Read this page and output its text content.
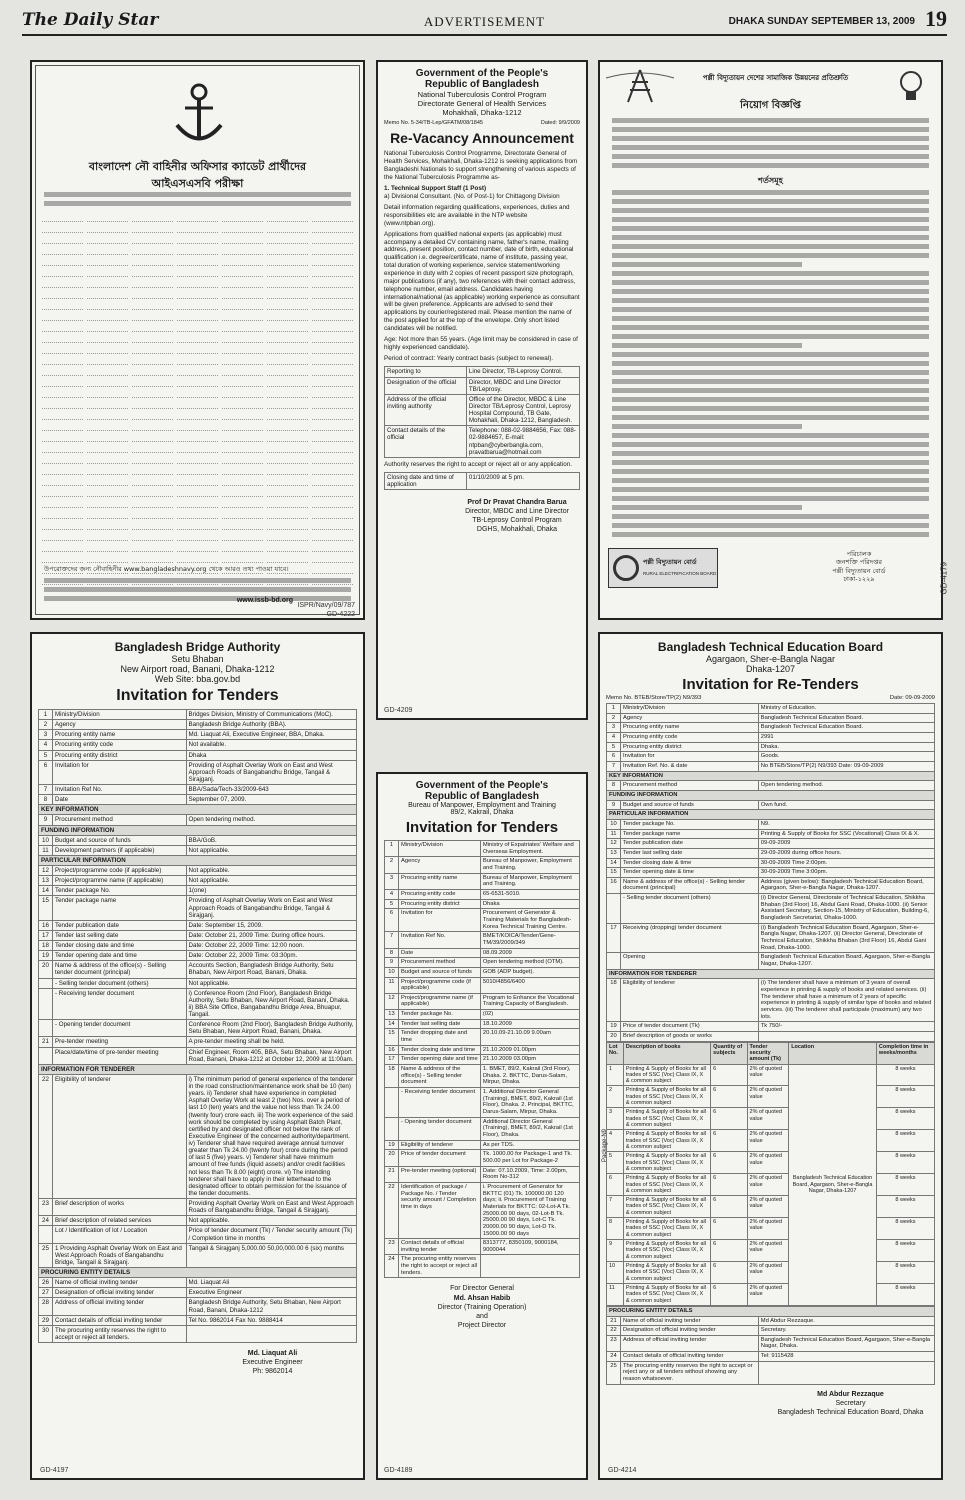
The Daily Star	ADVERTISEMENT	DHAKA SUNDAY SEPTEMBER 13, 2009 19
বাংলাদেশ নৌ বাহিনীর অফিসার ক্যাডেট প্রার্থীদের
আইএসএসবি পরীক্ষা
উপরোক্তদের জন্য নৌবাহিনীর www.bangladeshnavy.org থেকে আরও তথ্য পাওয়া যাবে।
www.issb-bd.org
ISPR/Navy/09/787
GD-4222
Government of the People's
Republic of Bangladesh
National Tuberculosis Control Program
Directorate General of Health Services
Mohakhali, Dhaka-1212
Memo No. 5-34/TB-Lep/GFATM/08/1845	Dated: 9/9/2009
Re-Vacancy Announcement
National Tuberculosis Control Programme, Directorate General of Health Services, Mohakhali, Dhaka-1212 is seeking applications from Bangladeshi Nationals to support strengthening of various aspects of the National Tuberculosis Programme as-
1. Technical Support Staff (1 Post)
a) Divisional Consultant. (No. of Post-1) for Chittagong Division
Detail information regarding qualifications, experiences, duties and responsibilities etc are available in the NTP website (www.ntpban.org).
Applications from qualified national experts (as applicable) must accompany a detailed CV containing name, father's name, mailing address, present position, contact number, date of birth, educational qualification i.e. degree/certificate, name of institute, passing year, total duration of working experience, service statement/working experience in duty with 2 copies of recent passport size photograph, major publications (if any), two references with their contact address, telephone number, email address. Candidates having international/national (as applicable) working experience as consultant will be given preference. Applicants are advised to send their applications by courier/registered mail. Please mention the name of the post applied for at the top of the envelope. Only short listed candidates will be notified.
Age: Not more than 55 years. (Age limit may be considered in case of highly experienced candidate).
Period of contract: Yearly contract basis (subject to renewal).
Reporting to	Line Director, TB-Leprosy Control.
Designation of the official	Director, MBDC and Line Director TB/Leprosy.
Address of the official inviting authority	Office of the Director, MBDC & Line Director TB/Leprosy Control, Leprosy Hospital Compound, TB Gate, Mohakhali, Dhaka-1212, Bangladesh.
Contact details of the official	Telephone: 088-02-9884656, Fax: 088-02-9884657, E-mail: ntpban@cyberbangla.com, pravatbarua@hotmail.com
Authority reserves the right to accept or reject all or any application.
Closing date and time of application	01/10/2009 at 5 pm.
Prof Dr Pravat Chandra Barua
Director, MBDC and Line Director
TB-Leprosy Control Program
DGHS, Mohakhali, Dhaka
GD-4209
পল্লী বিদ্যুতায়ন দেশের সামাজিক উন্নয়নের প্রতিশ্রুতি
নিয়োগ বিজ্ঞপ্তি
শর্তসমূহ
পল্লী বিদ্যুতায়ন বোর্ড
RURAL ELECTRIFICATION BOARD
পরিচালক
জনশক্তি পরিদপ্তর
পল্লী বিদ্যুতায়ন বোর্ড
ঢাকা-১২২৯	GD-4179
Bangladesh Bridge Authority
Setu Bhaban
New Airport road, Banani, Dhaka-1212
Web Site: bba.gov.bd
Invitation for Tenders
1	Ministry/Division	Bridges Division, Ministry of Communications (MoC).
2	Agency	Bangladesh Bridge Authority (BBA).
3	Procuring entity name	Md. Liaquat Ali, Executive Engineer, BBA, Dhaka.
4	Procuring entity code	Not available.
5	Procuring entity district	Dhaka
6	Invitation for	Providing of Asphalt Overlay Work on East and West Approach Roads of Bangabandhu Bridge, Tangail & Sirajganj.
7	Invitation Ref No.	BBA/Sada/Tech-33/2009-643
8	Date	September 07, 2009.
KEY INFORMATION		
9	Procurement method	Open tendering method.
FUNDING INFORMATION		
10	Budget and source of funds	BBA/GoB.
11	Development partners (if applicable)	Not applicable.
PARTICULAR INFORMATION		
12	Project/programme code (if applicable)	Not applicable.
13	Project/programme name (if applicable)	Not applicable.
14	Tender package No.	1(one)
15	Tender package name	Providing of Asphalt Overlay Work on East and West Approach Roads of Bangabandhu Bridge, Tangail & Sirajganj.
16	Tender publication date	Date: September 15, 2009.
17	Tender last selling date	Date: October 21, 2009 Time: During office hours.
18	Tender closing date and time	Date: October 22, 2009 Time: 12:00 noon.
19	Tender opening date and time	Date: October 22, 2009 Time: 03:30pm.
20	Name & address of the office(s) - Selling tender document (principal)	Accounts Section, Bangladesh Bridge Authority, Setu Bhaban, New Airport Road, Banani, Dhaka.
	- Selling tender document (others)	Not applicable.
	- Receiving tender document	i) Conference Room (2nd Floor), Bangladesh Bridge Authority, Setu Bhaban, New Airport Road, Banani, Dhaka. ii) BBA Site Office, Bangabandhu Bridge Area, Bhuapur, Tangail.
	- Opening tender document	Conference Room (2nd Floor), Bangladesh Bridge Authority, Setu Bhaban, New Airport Road, Banani, Dhaka.
21	Pre-tender meeting	A pre-tender meeting shall be held.
	Place/date/time of pre-tender meeting	Chief Engineer, Room 405, BBA, Setu Bhaban, New Airport Road, Banani, Dhaka-1212 at October 12, 2009 at 11:00am.
INFORMATION FOR TENDERER		
22	Eligibility of tenderer	i) The minimum period of general experience of the tenderer in the road construction/maintenance work shall be 10 (ten) years. ii) Tenderer shall have experience in completed Asphalt Overlay Work at least 2 (two) Nos. over a period of last 10 (ten) years and the value not less than Tk 24.00 (twenty four) crore each. iii) The work experience of the said work should be completed by using Asphalt Batch Plant, certified by and designated officer not below the rank of Executive Engineer of the concerned authority/department. iv) Tenderer shall have required average annual turnover greater than Tk 24.00 (twenty four) crore during the period of last 5 (five) years. v) Tenderer shall have minimum amount of free funds (liquid assets) and/or credit facilities not less than Tk 8.00 (eight) crore. vi) The intending tenderer shall have to apply in their letterhead to the designated officer to obtain permission for the issuance of the tender documents.
23	Brief description of works	Providing Asphalt Overlay Work on East and West Approach Roads of Bangabandhu Bridge, Tangail & Sirajganj.
24	Brief description of related services	Not applicable.
	Lot / Identification of lot / Location	Price of tender document (Tk) / Tender security amount (Tk) / Completion time in months
25	1 Providing Asphalt Overlay Work on East and West Approach Roads of Bangabandhu Bridge, Tangail & Sirajganj.	Tangail & Sirajganj 5,000.00 50,00,000.00 6 (six) months
PROCURING ENTITY DETAILS		
26	Name of official inviting tender	Md. Liaquat Ali
27	Designation of official inviting tender	Executive Engineer
28	Address of official inviting tender	Bangladesh Bridge Authority, Setu Bhaban, New Airport Road, Banani, Dhaka-1212
29	Contact details of official inviting tender	Tel No. 9862014 Fax No. 9888414
30	The procuring entity reserves the right to accept or reject all tenders.	
Md. Liaquat Ali
Executive Engineer
Ph: 9862014
GD-4197
Government of the People's
Republic of Bangladesh
Bureau of Manpower, Employment and Training
89/2, Kakrail, Dhaka
Invitation for Tenders
1	Ministry/Division	Ministry of Expatriates' Welfare and Overseas Employment.
2	Agency	Bureau of Manpower, Employment and Training.
3	Procuring entity name	Bureau of Manpower, Employment and Training.
4	Procuring entity code	65-6531-5010.
5	Procuring entity district	Dhaka
6	Invitation for	Procurement of Generator & Training Materials for Bangladesh-Korea Technical Training Centre.
7	Invitation Ref No.	BMET/KOICA/Tender/Gene-TM/39/2009/349
8	Date	08.09.2009
9	Procurement method	Open tendering method (OTM).
10	Budget and source of funds	GOB (ADP budget).
11	Project/programme code (if applicable)	5010/4856/6400
12	Project/programme name (if applicable)	Program to Enhance the Vocational Training Capacity of Bangladesh.
13	Tender package No.	(02)
14	Tender last selling date	18.10.2009
15	Tender dropping date and time	20.10.09-21.10.09 9.00am
16	Tender closing date and time	21.10.2009 01.00pm
17	Tender opening date and time	21.10.2009 03.00pm
18	Name & address of the office(s) - Selling tender document	1. BMET, 89/2, Kakrail (3rd Floor), Dhaka. 2. BKTTC, Darus-Salam, Mirpur, Dhaka.
	- Receiving tender document	1. Additional Director General (Training), BMET, 89/2, Kakrail (1st Floor), Dhaka. 2. Principal, BKTTC, Darus-Salam, Mirpur, Dhaka.
	- Opening tender document	Additional Director General (Training), BMET, 89/2, Kakrail (1st Floor), Dhaka.
19	Eligibility of tenderer	As per TDS.
20	Price of tender document	Tk. 1000.00 for Package-1 and Tk. 500.00 per Lot for Package-2
21	Pre-tender meeting (optional)	Date: 07.10.2009, Time: 2.00pm, Room No-312
22	Identification of package / Package No. / Tender security amount / Completion time in days	i. Procurement of Generator for BKTTC (01) Tk. 100000.00 120 days; ii. Procurement of Training Materials for BKTTC: 02-Lot-A Tk. 25000.00 90 days, 02-Lot-B Tk. 25000.00 90 days, Lot-C Tk. 20000.00 90 days, Lot-D Tk. 15000.00 90 days
23	Contact details of official inviting tender	8313777, 8350109, 9000184, 9000044
24	The procuring entity reserves the right to accept or reject all tenders.	
For Director General
Md. Ahsan Habib
Director (Training Operation)
and
Project Director
GD-4189
Bangladesh Technical Education Board
Agargaon, Sher-e-Bangla Nagar
Dhaka-1207
Invitation for Re-Tenders
Memo No. BTEB/Store/TP(2) N9/393	Date: 09-09-2009
1	Ministry/Division	Ministry of Education.
2	Agency	Bangladesh Technical Education Board.
3	Procuring entity name	Bangladesh Technical Education Board.
4	Procuring entity code	2991
5	Procuring entity district	Dhaka.
6	Invitation for	Goods.
7	Invitation Ref. No. & date	No BTEB/Store/TP(2) N9/393 Date: 09-09-2009
KEY INFORMATION		
8	Procurement method	Open tendering method.
FUNDING INFORMATION		
9	Budget and source of funds	Own fund.
PARTICULAR INFORMATION		
10	Tender package No.	N9.
11	Tender package name	Printing & Supply of Books for SSC (Vocational) Class IX & X.
12	Tender publication date	09-09-2009
13	Tender last selling date	29-09-2009 during office hours.
14	Tender closing date & time	30-09-2009 Time 2:00pm.
15	Tender opening date & time	30-09-2009 Time 3:00pm.
16	Name & address of the office(s) - Selling tender document (principal)	Address (given below): Bangladesh Technical Education Board, Agargaon, Sher-e-Bangla Nagar, Dhaka-1207.
	- Selling tender document (others)	(i) Director General, Directorate of Technical Education, Shikkha Bhaban (3rd Floor) 16, Abdul Gani Road, Dhaka-1000. (ii) Senior Assistant Secretary, Section-15, Ministry of Education, Building-6, Bangladesh Secretariat, Dhaka-1000.
17	Receiving (dropping) tender document	(i) Bangladesh Technical Education Board, Agargaon, Sher-e-Bangla Nagar, Dhaka-1207. (ii) Director General, Directorate of Technical Education, Shikkha Bhaban (3rd Floor) 16, Abdul Gani Road, Dhaka-1000.
	Opening	Bangladesh Technical Education Board, Agargaon, Sher-e-Bangla Nagar, Dhaka-1207.
INFORMATION FOR TENDERER		
18	Eligibility of tenderer	(i) The tenderer shall have a minimum of 3 years of overall experience in printing & supply of books and related services. (ii) The tenderer shall have a minimum of 2 years of specific experience in printing & supply of similar type of books and related services. (iii) The tenderer shall participate (maximum) any two lots.
19	Price of tender document (Tk)	Tk 750/-
20	Brief description of goods or works	
Package-N9
Lot No.	Description of books	Quantity of subjects	Tender security amount (Tk)	Location	Completion time in weeks/months
1	Printing & Supply of Books for all trades of SSC (Voc) Class IX, X & common subject	6	2% of quoted value	Bangladesh Technical Education Board, Agargaon, Sher-e-Bangla Nagar, Dhaka-1207	8 weeks
2	Printing & Supply of Books for all trades of SSC (Voc) Class IX, X & common subject	6	2% of quoted value		8 weeks
3	Printing & Supply of Books for all trades of SSC (Voc) Class IX, X & common subject	6	2% of quoted value		8 weeks
4	Printing & Supply of Books for all trades of SSC (Voc) Class IX, X & common subject	6	2% of quoted value		8 weeks
5	Printing & Supply of Books for all trades of SSC (Voc) Class IX, X & common subject	6	2% of quoted value		8 weeks
6	Printing & Supply of Books for all trades of SSC (Voc) Class IX, X & common subject	6	2% of quoted value		8 weeks
7	Printing & Supply of Books for all trades of SSC (Voc) Class IX, X & common subject	6	2% of quoted value		8 weeks
8	Printing & Supply of Books for all trades of SSC (Voc) Class IX, X & common subject	6	2% of quoted value		8 weeks
9	Printing & Supply of Books for all trades of SSC (Voc) Class IX, X & common subject	6	2% of quoted value		8 weeks
10	Printing & Supply of Books for all trades of SSC (Voc) Class IX, X & common subject	6	2% of quoted value		8 weeks
11	Printing & Supply of Books for all trades of SSC (Voc) Class IX, X & common subject	6	2% of quoted value		8 weeks
PROCURING ENTITY DETAILS		
21	Name of official inviting tender	Md Abdur Rezzaque.
22	Designation of official inviting tender	Secretary.
23	Address of official inviting tender	Bangladesh Technical Education Board, Agargaon, Sher-e-Bangla Nagar, Dhaka.
24	Contact details of official inviting tender	Tel: 9115428
25	The procuring entity reserves the right to accept or reject any or all tenders without showing any reason whatsoever.	
Md Abdur Rezzaque
Secretary
Bangladesh Technical Education Board, Dhaka
GD-4214
